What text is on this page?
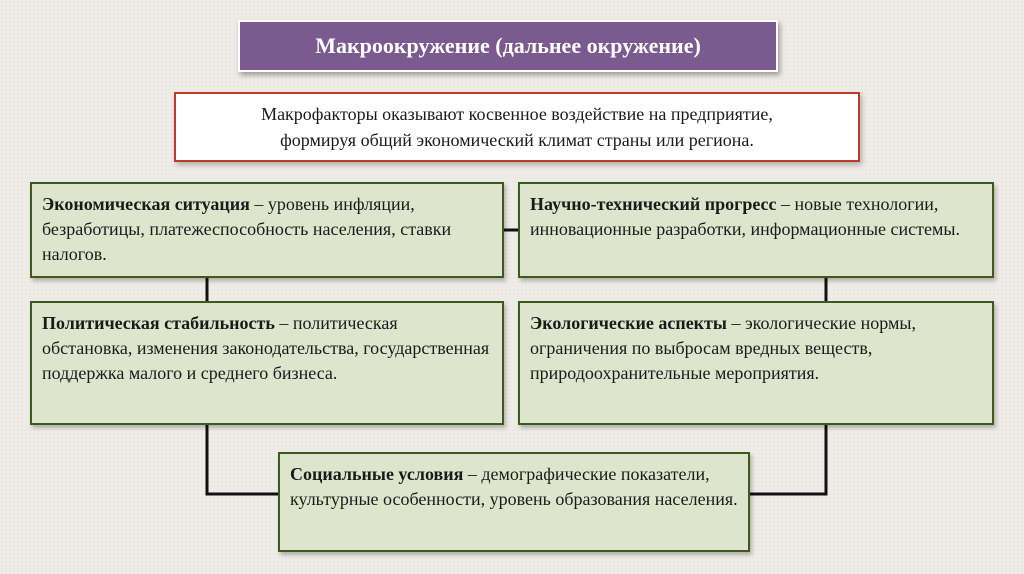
Макроокружение (дальнее окружение)
Макрофакторы оказывают косвенное воздействие на предприятие,
формируя общий экономический климат страны или региона.
Экономическая ситуация – уровень инфляции, безработицы, платежеспособность населения, ставки налогов.
Научно-технический прогресс – новые технологии, инновационные разработки, информационные системы.
Политическая стабильность – политическая обстановка, изменения законодательства, государственная поддержка малого и среднего бизнеса.
Экологические аспекты – экологические нормы, ограничения по выбросам вредных веществ, природоохранительные мероприятия.
Социальные условия – демографические показатели, культурные особенности, уровень образования населения.
